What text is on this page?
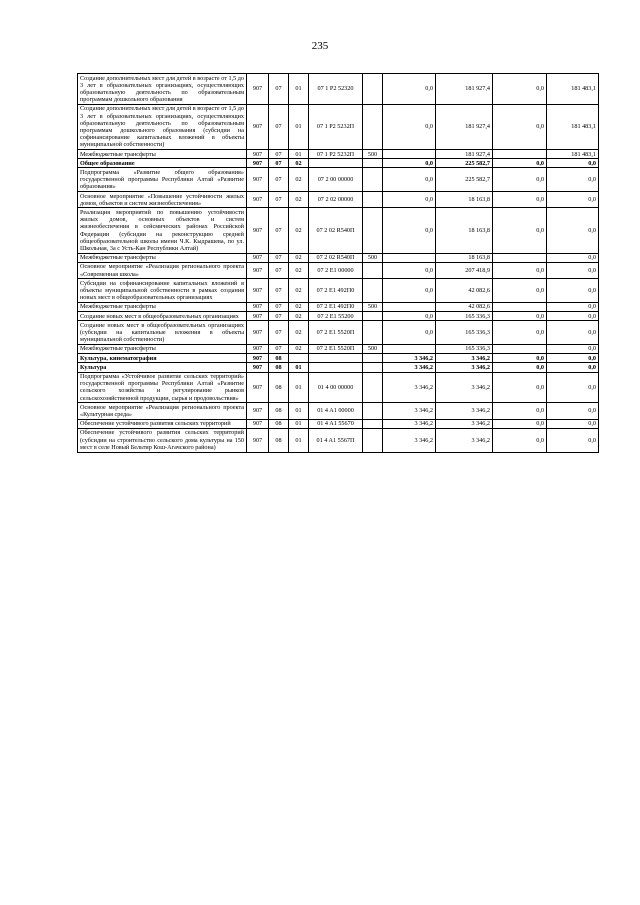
235
Создание дополнительных мест для детей в возрасте от 1,5 до 3 лет в образовательных организациях, осуществляющих образовательную деятельность по образовательным программам дошкольного образования	907	07	01	07 1 P2 52320		0,0	181 927,4	0,0	181 483,1
Создание дополнительных мест для детей в возрасте от 1,5 до 3 лет в образовательных организациях, осуществляющих образовательную деятельность по образовательным программам дошкольного образования (субсидии на софинансирование капитальных вложений в объекты муниципальной собственности)	907	07	01	07 1 P2 5232П		0,0	181 927,4	0,0	181 483,1
Межбюджетные трансферты	907	07	01	07 1 P2 5232П	500		181 927,4		181 483,1
Общее образование	907	07	02			0,0	225 582,7	0,0	0,0
Подпрограмма «Развитие общего образования» государственной программы Республики Алтай «Развитие образования»	907	07	02	07 2 00 00000		0,0	225 582,7	0,0	0,0
Основное мероприятие «Повышение устойчивости жилых домов, объектов и систем жизнеобеспечения»	907	07	02	07 2 02 00000		0,0	18 163,8	0,0	0,0
Реализация мероприятий по повышению устойчивости жилых домов, основных объектов и систем жизнеобеспечения в сейсмических районах Российской Федерации (субсидии на реконструкцию средней общеобразовательной школы имени Ч.К. Кыдрашева, по ул. Школьная, 3а с Усть-Кан Республики Алтай)	907	07	02	07 2 02 R540П		0,0	18 163,8	0,0	0,0
Межбюджетные трансферты	907	07	02	07 2 02 R540П	500		18 163,8		0,0
Основное мероприятие «Реализация регионального проекта «Современная школа»	907	07	02	07 2 E1 00000		0,0	207 418,9	0,0	0,0
Субсидии на софинансирование капитальных вложений в объекты муниципальной собственности в рамках создания новых мест в общеобразовательных организациях	907	07	02	07 2 E1 492П0		0,0	42 082,6	0,0	0,0
Межбюджетные трансферты	907	07	02	07 2 E1 492П0	500		42 082,6		0,0
Создание новых мест в общеобразовательных организациях	907	07	02	07 2 E1 55200		0,0	165 336,3	0,0	0,0
Создание новых мест в общеобразовательных организациях (субсидии на капитальные вложения в объекты муниципальной собственности)	907	07	02	07 2 E1 5520П		0,0	165 336,3	0,0	0,0
Межбюджетные трансферты	907	07	02	07 2 E1 5520П	500		165 336,3		0,0
Культура, кинематография	907	08				3 346,2	3 346,2	0,0	0,0
Культура	907	08	01			3 346,2	3 346,2	0,0	0,0
Подпрограмма «Устойчивое развитие сельских территорий» государственной программы Республики Алтай «Развитие сельского хозяйства и регулирование рынков сельскохозяйственной продукции, сырья и продовольствия»	907	08	01	01 4 00 00000		3 346,2	3 346,2	0,0	0,0
Основное мероприятие «Реализация регионального проекта «Культурная среда»	907	08	01	01 4 A1 00000		3 346,2	3 346,2	0,0	0,0
Обеспечение устойчивого развития сельских территорий	907	08	01	01 4 A1 55670		3 346,2	3 346,2	0,0	0,0
Обеспечение устойчивого развития сельских территорий (субсидии на строительство сельского дома культуры на 150 мест в селе Новый Бельтир Кош-Агачского района)	907	08	01	01 4 A1 5567П		3 346,2	3 346,2	0,0	0,0
